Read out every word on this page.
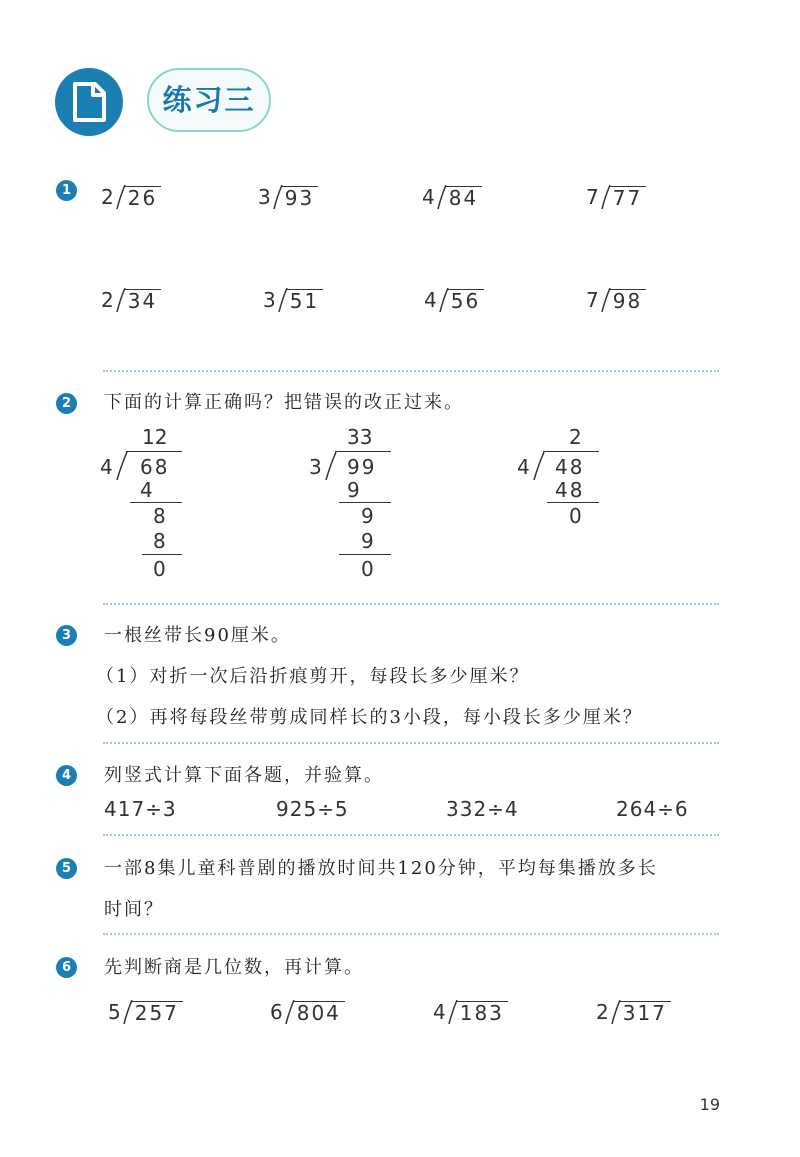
练习三
1 2 26	3 93	4 84	7 77
2 34	3 51	4 56	7 98
2	下面的计算正确吗？把错误的改正过来。
12
4 68
4
8
8
0
33
3 99
9
9
9
0
2
4 48
48
0
3	一根丝带长90厘米。
（1）对折一次后沿折痕剪开，每段长多少厘米？
（2）再将每段丝带剪成同样长的3小段，每小段长多少厘米？
4	列竖式计算下面各题，并验算。
417÷3	925÷5	332÷4	264÷6
5	一部8集儿童科普剧的播放时间共120分钟，平均每集播放多长
时间？
6	先判断商是几位数，再计算。
5 257	6 804	4 183	2 317
19
